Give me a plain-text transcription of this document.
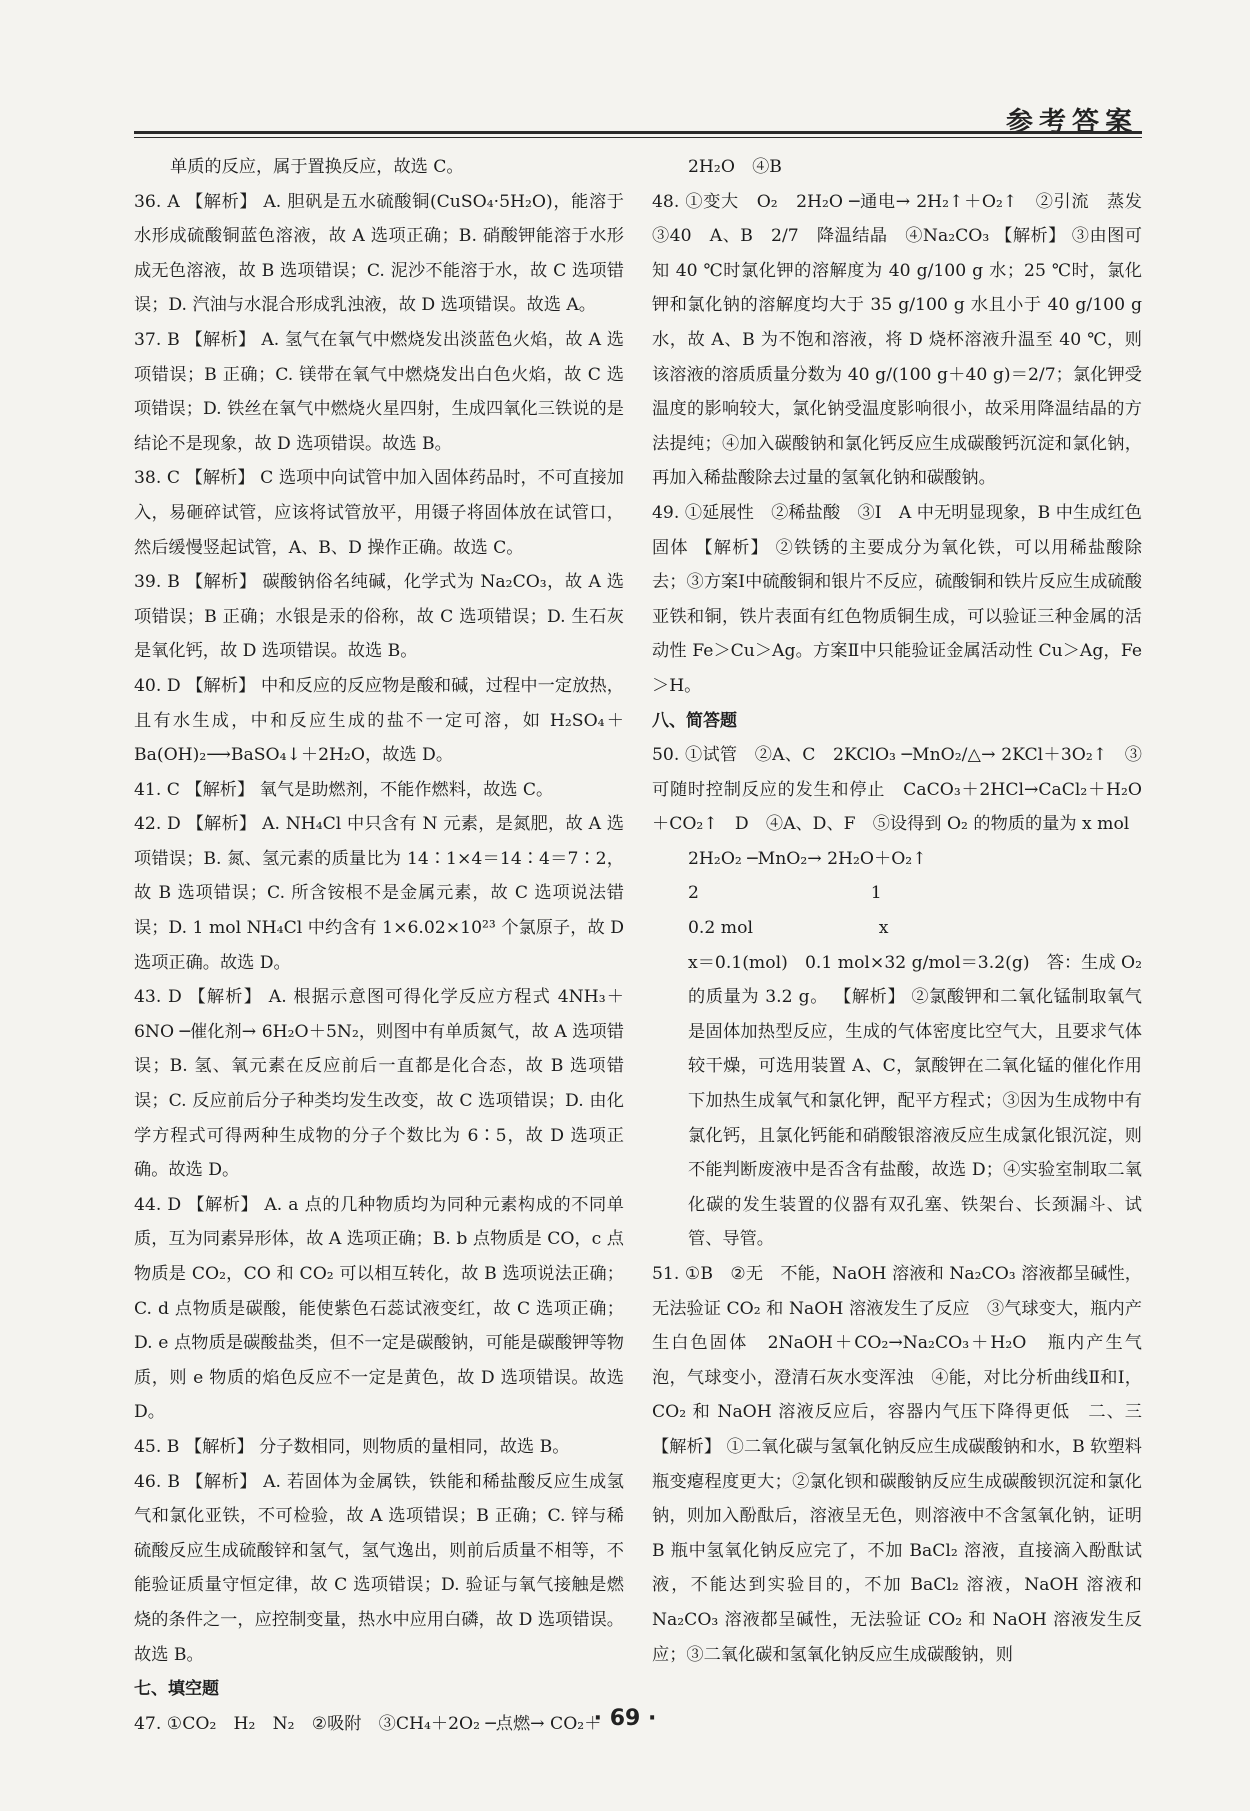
参考答案

单质的反应，属于置换反应，故选 C。

36. A 【解析】 A. 胆矾是五水硫酸铜(CuSO₄·5H₂O)，能溶于水形成硫酸铜蓝色溶液，故 A 选项正确；B. 硝酸钾能溶于水形成无色溶液，故 B 选项错误；C. 泥沙不能溶于水，故 C 选项错误；D. 汽油与水混合形成乳浊液，故 D 选项错误。故选 A。

37. B 【解析】 A. 氢气在氧气中燃烧发出淡蓝色火焰，故 A 选项错误；B 正确；C. 镁带在氧气中燃烧发出白色火焰，故 C 选项错误；D. 铁丝在氧气中燃烧火星四射，生成四氧化三铁说的是结论不是现象，故 D 选项错误。故选 B。

38. C 【解析】 C 选项中向试管中加入固体药品时，不可直接加入，易砸碎试管，应该将试管放平，用镊子将固体放在试管口，然后缓慢竖起试管，A、B、D 操作正确。故选 C。

39. B 【解析】 碳酸钠俗名纯碱，化学式为 Na₂CO₃，故 A 选项错误；B 正确；水银是汞的俗称，故 C 选项错误；D. 生石灰是氧化钙，故 D 选项错误。故选 B。

40. D 【解析】 中和反应的反应物是酸和碱，过程中一定放热，且有水生成，中和反应生成的盐不一定可溶，如 H₂SO₄＋Ba(OH)₂⟶BaSO₄↓＋2H₂O，故选 D。

41. C 【解析】 氧气是助燃剂，不能作燃料，故选 C。

42. D 【解析】 A. NH₄Cl 中只含有 N 元素，是氮肥，故 A 选项错误；B. 氮、氢元素的质量比为 14∶1×4＝14∶4＝7∶2，故 B 选项错误；C. 所含铵根不是金属元素，故 C 选项说法错误；D. 1 mol NH₄Cl 中约含有 1×6.02×10²³ 个氯原子，故 D 选项正确。故选 D。

43. D 【解析】 A. 根据示意图可得化学反应方程式 4NH₃＋6NO ─催化剂→ 6H₂O＋5N₂，则图中有单质氮气，故 A 选项错误；B. 氢、氧元素在反应前后一直都是化合态，故 B 选项错误；C. 反应前后分子种类均发生改变，故 C 选项错误；D. 由化学方程式可得两种生成物的分子个数比为 6∶5，故 D 选项正确。故选 D。

44. D 【解析】 A. a 点的几种物质均为同种元素构成的不同单质，互为同素异形体，故 A 选项正确；B. b 点物质是 CO，c 点物质是 CO₂，CO 和 CO₂ 可以相互转化，故 B 选项说法正确；C. d 点物质是碳酸，能使紫色石蕊试液变红，故 C 选项正确；D. e 点物质是碳酸盐类，但不一定是碳酸钠，可能是碳酸钾等物质，则 e 物质的焰色反应不一定是黄色，故 D 选项错误。故选 D。

45. B 【解析】 分子数相同，则物质的量相同，故选 B。

46. B 【解析】 A. 若固体为金属铁，铁能和稀盐酸反应生成氢气和氯化亚铁，不可检验，故 A 选项错误；B 正确；C. 锌与稀硫酸反应生成硫酸锌和氢气，氢气逸出，则前后质量不相等，不能验证质量守恒定律，故 C 选项错误；D. 验证与氧气接触是燃烧的条件之一，应控制变量，热水中应用白磷，故 D 选项错误。故选 B。

七、填空题

47. ①CO₂　H₂　N₂　②吸附　③CH₄＋2O₂ ─点燃→ CO₂＋

2H₂O　④B

48. ①变大　O₂　2H₂O ─通电→ 2H₂↑＋O₂↑　②引流　蒸发　③40　A、B　2/7　降温结晶　④Na₂CO₃ 【解析】 ③由图可知 40 ℃时氯化钾的溶解度为 40 g/100 g 水；25 ℃时，氯化钾和氯化钠的溶解度均大于 35 g/100 g 水且小于 40 g/100 g 水，故 A、B 为不饱和溶液，将 D 烧杯溶液升温至 40 ℃，则该溶液的溶质质量分数为 40 g/(100 g＋40 g)＝2/7；氯化钾受温度的影响较大，氯化钠受温度影响很小，故采用降温结晶的方法提纯；④加入碳酸钠和氯化钙反应生成碳酸钙沉淀和氯化钠，再加入稀盐酸除去过量的氢氧化钠和碳酸钠。

49. ①延展性　②稀盐酸　③Ⅰ　A 中无明显现象，B 中生成红色固体 【解析】 ②铁锈的主要成分为氧化铁，可以用稀盐酸除去；③方案Ⅰ中硫酸铜和银片不反应，硫酸铜和铁片反应生成硫酸亚铁和铜，铁片表面有红色物质铜生成，可以验证三种金属的活动性 Fe＞Cu＞Ag。方案Ⅱ中只能验证金属活动性 Cu＞Ag，Fe＞H。

八、简答题

50. ①试管　②A、C　2KClO₃ ─MnO₂/△→ 2KCl＋3O₂↑　③可随时控制反应的发生和停止　CaCO₃＋2HCl→CaCl₂＋H₂O＋CO₂↑　D　④A、D、F　⑤设得到 O₂ 的物质的量为 x mol

2H₂O₂ ─MnO₂→ 2H₂O＋O₂↑

2　　　　　　　　　　1

0.2 mol　　　　　　　 x

x＝0.1(mol)　0.1 mol×32 g/mol＝3.2(g)　答：生成 O₂ 的质量为 3.2 g。 【解析】 ②氯酸钾和二氧化锰制取氧气是固体加热型反应，生成的气体密度比空气大，且要求气体较干燥，可选用装置 A、C，氯酸钾在二氧化锰的催化作用下加热生成氧气和氯化钾，配平方程式；③因为生成物中有氯化钙，且氯化钙能和硝酸银溶液反应生成氯化银沉淀，则不能判断废液中是否含有盐酸，故选 D；④实验室制取二氧化碳的发生装置的仪器有双孔塞、铁架台、长颈漏斗、试管、导管。

51. ①B　②无　不能，NaOH 溶液和 Na₂CO₃ 溶液都呈碱性，无法验证 CO₂ 和 NaOH 溶液发生了反应　③气球变大，瓶内产生白色固体　2NaOH＋CO₂→Na₂CO₃＋H₂O　瓶内产生气泡，气球变小，澄清石灰水变浑浊　④能，对比分析曲线Ⅱ和Ⅰ，CO₂ 和 NaOH 溶液反应后，容器内气压下降得更低　二、三 【解析】 ①二氧化碳与氢氧化钠反应生成碳酸钠和水，B 软塑料瓶变瘪程度更大；②氯化钡和碳酸钠反应生成碳酸钡沉淀和氯化钠，则加入酚酞后，溶液呈无色，则溶液中不含氢氧化钠，证明 B 瓶中氢氧化钠反应完了，不加 BaCl₂ 溶液，直接滴入酚酞试液，不能达到实验目的，不加 BaCl₂ 溶液，NaOH 溶液和 Na₂CO₃ 溶液都呈碱性，无法验证 CO₂ 和 NaOH 溶液发生反应；③二氧化碳和氢氧化钠反应生成碳酸钠，则

· 69 ·
